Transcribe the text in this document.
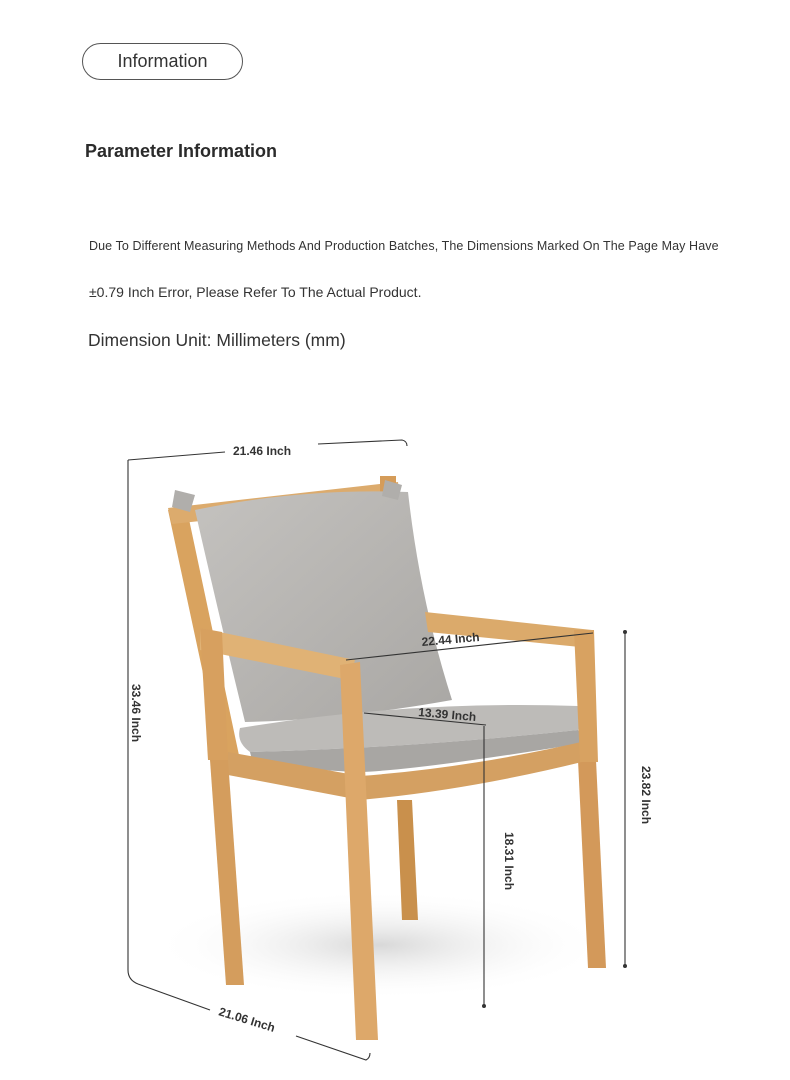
Information
Parameter Information
Due To Different Measuring Methods And Production Batches, The Dimensions Marked On The Page May Have
±0.79 Inch Error, Please Refer To The Actual Product.
Dimension Unit: Millimeters (mm)
21.46 Inch
33.46 Inch
22.44 Inch
13.39 Inch
23.82 Inch
18.31 Inch
21.06 Inch
